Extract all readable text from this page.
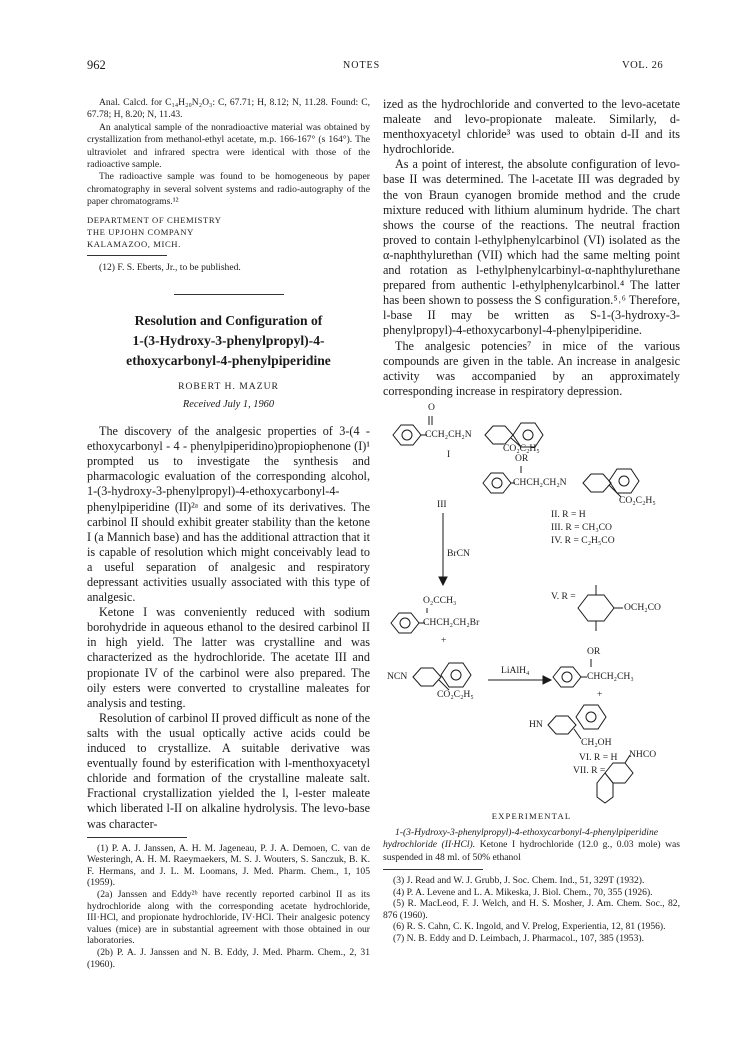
962	NOTES	VOL. 26

Anal. Calcd. for C₁₄H₂₀N₂O₃: C, 67.71; H, 8.12; N, 11.28. Found: C, 67.78; H, 8.20; N, 11.43.

An analytical sample of the nonradioactive material was obtained by crystallization from methanol-ethyl acetate, m.p. 166-167° (s 164°). The ultraviolet and infrared spectra were identical with those of the radioactive sample.

The radioactive sample was found to be homogeneous by paper chromatography in several solvent systems and radio-autography of the paper chromatograms.¹²

DEPARTMENT OF CHEMISTRY
THE UPJOHN COMPANY
KALAMAZOO, MICH.

(12) F. S. Eberts, Jr., to be published.

Resolution and Configuration of
1-(3-Hydroxy-3-phenylpropyl)-4-
ethoxycarbonyl-4-phenylpiperidine
ROBERT H. MAZUR
Received July 1, 1960

The discovery of the analgesic properties of 3-(4 - ethoxycarbonyl - 4 - phenylpiperidino)propiophenone (I)¹ prompted us to investigate the synthesis and pharmacologic evaluation of the corresponding alcohol, 1-(3-hydroxy-3-phenylpropyl)-4-ethoxycarbonyl-4-phenylpiperidine (II)²ᵃ and some of its derivatives. The carbinol II should exhibit greater stability than the ketone I (a Mannich base) and has the additional attraction that it is capable of resolution which might conceivably lead to a useful separation of analgesic and respiratory depressant activities usually associated with this type of analgesic.

Ketone I was conveniently reduced with sodium borohydride in aqueous ethanol to the desired carbinol II in high yield. The latter was crystalline and was characterized as the hydrochloride. The acetate III and propionate IV of the carbinol were also prepared. The oily esters were converted to crystalline maleates for analysis and testing.

Resolution of carbinol II proved difficult as none of the salts with the usual optically active acids could be induced to crystallize. A suitable derivative was eventually found by esterification with l-menthoxyacetyl chloride and formation of the crystalline maleate salt. Fractional crystallization yielded the l, l-ester maleate which liberated l-II on alkaline hydrolysis. The levo-base was character-

(1) P. A. J. Janssen, A. H. M. Jageneau, P. J. A. Demoen, C. van de Westeringh, A. H. M. Raeymaekers, M. S. J. Wouters, S. Sanczuk, B. K. F. Hermans, and J. L. M. Loomans, J. Med. Pharm. Chem., 1, 105 (1959).

(2a) Janssen and Eddy²ᵇ have recently reported carbinol II as its hydrochloride along with the corresponding acetate hydrochloride, III·HCl, and propionate hydrochloride, IV·HCl. Their analgesic potency values (mice) are in substantial agreement with those obtained in our laboratories.

(2b) P. A. J. Janssen and N. B. Eddy, J. Med. Pharm. Chem., 2, 31 (1960).

ized as the hydrochloride and converted to the levo-acetate maleate and levo-propionate maleate. Similarly, d-menthoxyacetyl chloride³ was used to obtain d-II and its hydrochloride.

As a point of interest, the absolute configuration of levo-base II was determined. The l-acetate III was degraded by the von Braun cyanogen bromide method and the crude mixture reduced with lithium aluminum hydride. The chart shows the course of the reactions. The neutral fraction proved to contain l-ethylphenylcarbinol (VI) isolated as the α-naphthylurethan (VII) which had the same melting point and rotation as l-ethylphenylcarbinyl-α-naphthylurethane prepared from authentic l-ethylphenylcarbinol.⁴ The latter has been shown to possess the S configuration.⁵˒⁶ Therefore, l-base II may be written as S-1-(3-hydroxy-3-phenylpropyl)-4-ethoxycarbonyl-4-phenylpiperidine.

The analgesic potencies⁷ in mice of the various compounds are given in the table. An increase in analgesic activity was accompanied by an approximately corresponding increase in respiratory depression.

O
CCH₂CH₂N
CO₂C₂H₅
I	OR
CHCH₂CH₂N
CO₂C₂H₅
III
II. R = H
III. R = CH₃CO
IV. R = C₂H₅CO
BrCN
V. R =
OCH₂CO
O₂CCH₃
CHCH₂CH₂Br
+
OR
CHCH₂CH₃
NCN
LiAlH₄
+
CO₂C₂H₅
HN
CH₂OH
VI. R = H
VII. R =
NHCO
EXPERIMENTAL

1-(3-Hydroxy-3-phenylpropyl)-4-ethoxycarbonyl-4-phenylpiperidine hydrochloride (II·HCl). Ketone I hydrochloride (12.0 g., 0.03 mole) was suspended in 48 ml. of 50% ethanol

(3) J. Read and W. J. Grubb, J. Soc. Chem. Ind., 51, 329T (1932).

(4) P. A. Levene and L. A. Mikeska, J. Biol. Chem., 70, 355 (1926).

(5) R. MacLeod, F. J. Welch, and H. S. Mosher, J. Am. Chem. Soc., 82, 876 (1960).

(6) R. S. Cahn, C. K. Ingold, and V. Prelog, Experientia, 12, 81 (1956).

(7) N. B. Eddy and D. Leimbach, J. Pharmacol., 107, 385 (1953).
